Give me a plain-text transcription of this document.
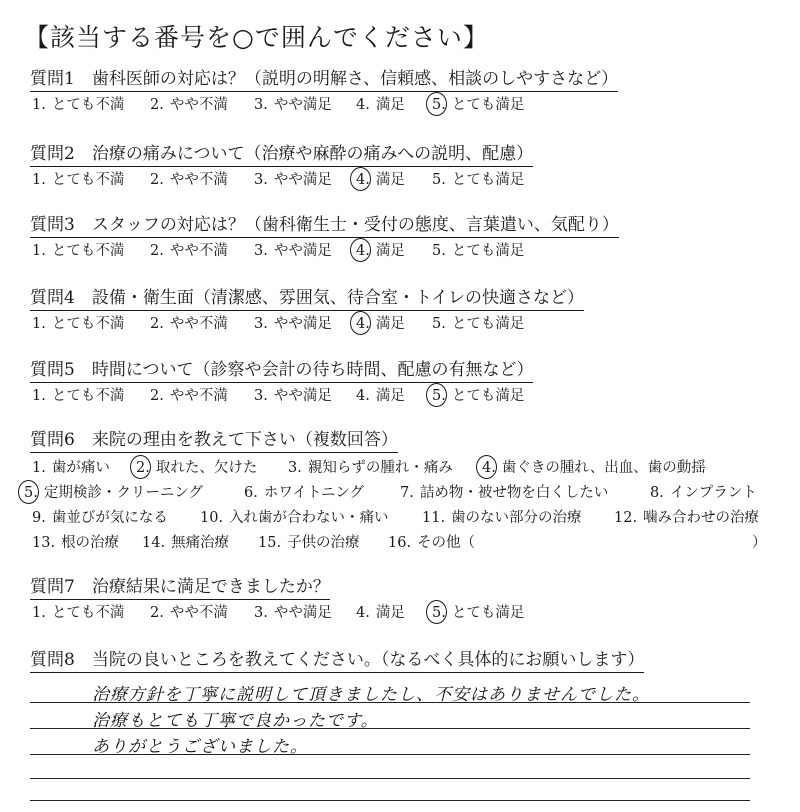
【該当する番号を○で囲んでください】
質問1　歯科医師の対応は？（説明の明解さ、信頼感、相談のしやすさなど）
1. とても不満 2. やや不満 3. やや満足 4. 満足 5. とても満足
質問2　治療の痛みについて（治療や麻酔の痛みへの説明、配慮）
1. とても不満 2. やや不満 3. やや満足 4. 満足 5. とても満足
質問3　スタッフの対応は？（歯科衛生士・受付の態度、言葉遣い、気配り）
1. とても不満 2. やや不満 3. やや満足 4. 満足 5. とても満足
質問4　設備・衛生面（清潔感、雰囲気、待合室・トイレの快適さなど）
1. とても不満 2. やや不満 3. やや満足 4. 満足 5. とても満足
質問5　時間について（診察や会計の待ち時間、配慮の有無など）
1. とても不満 2. やや不満 3. やや満足 4. 満足 5. とても満足
質問6　来院の理由を教えて下さい（複数回答）
1. 歯が痛い 2. 取れた、欠けた 3. 親知らずの腫れ・痛み 4. 歯ぐきの腫れ、出血、歯の動揺
5. 定期検診・クリーニング	6. ホワイトニング 7. 詰め物・被せ物を白くしたい	8. インプラント
9. 歯並びが気になる 10. 入れ歯が合わない・痛い 11. 歯のない部分の治療 12. 噛み合わせの治療
13. 根の治療 14. 無痛治療 15. 子供の治療 16. その他（	）
質問7　治療結果に満足できましたか？
1. とても不満 2. やや不満 3. やや満足 4. 満足 5. とても満足
質問8　当院の良いところを教えてください。（なるべく具体的にお願いします）
治療方針を丁寧に説明して頂きましたし、不安はありませんでした。
治療もとても丁寧で良かったです。
ありがとうございました。
